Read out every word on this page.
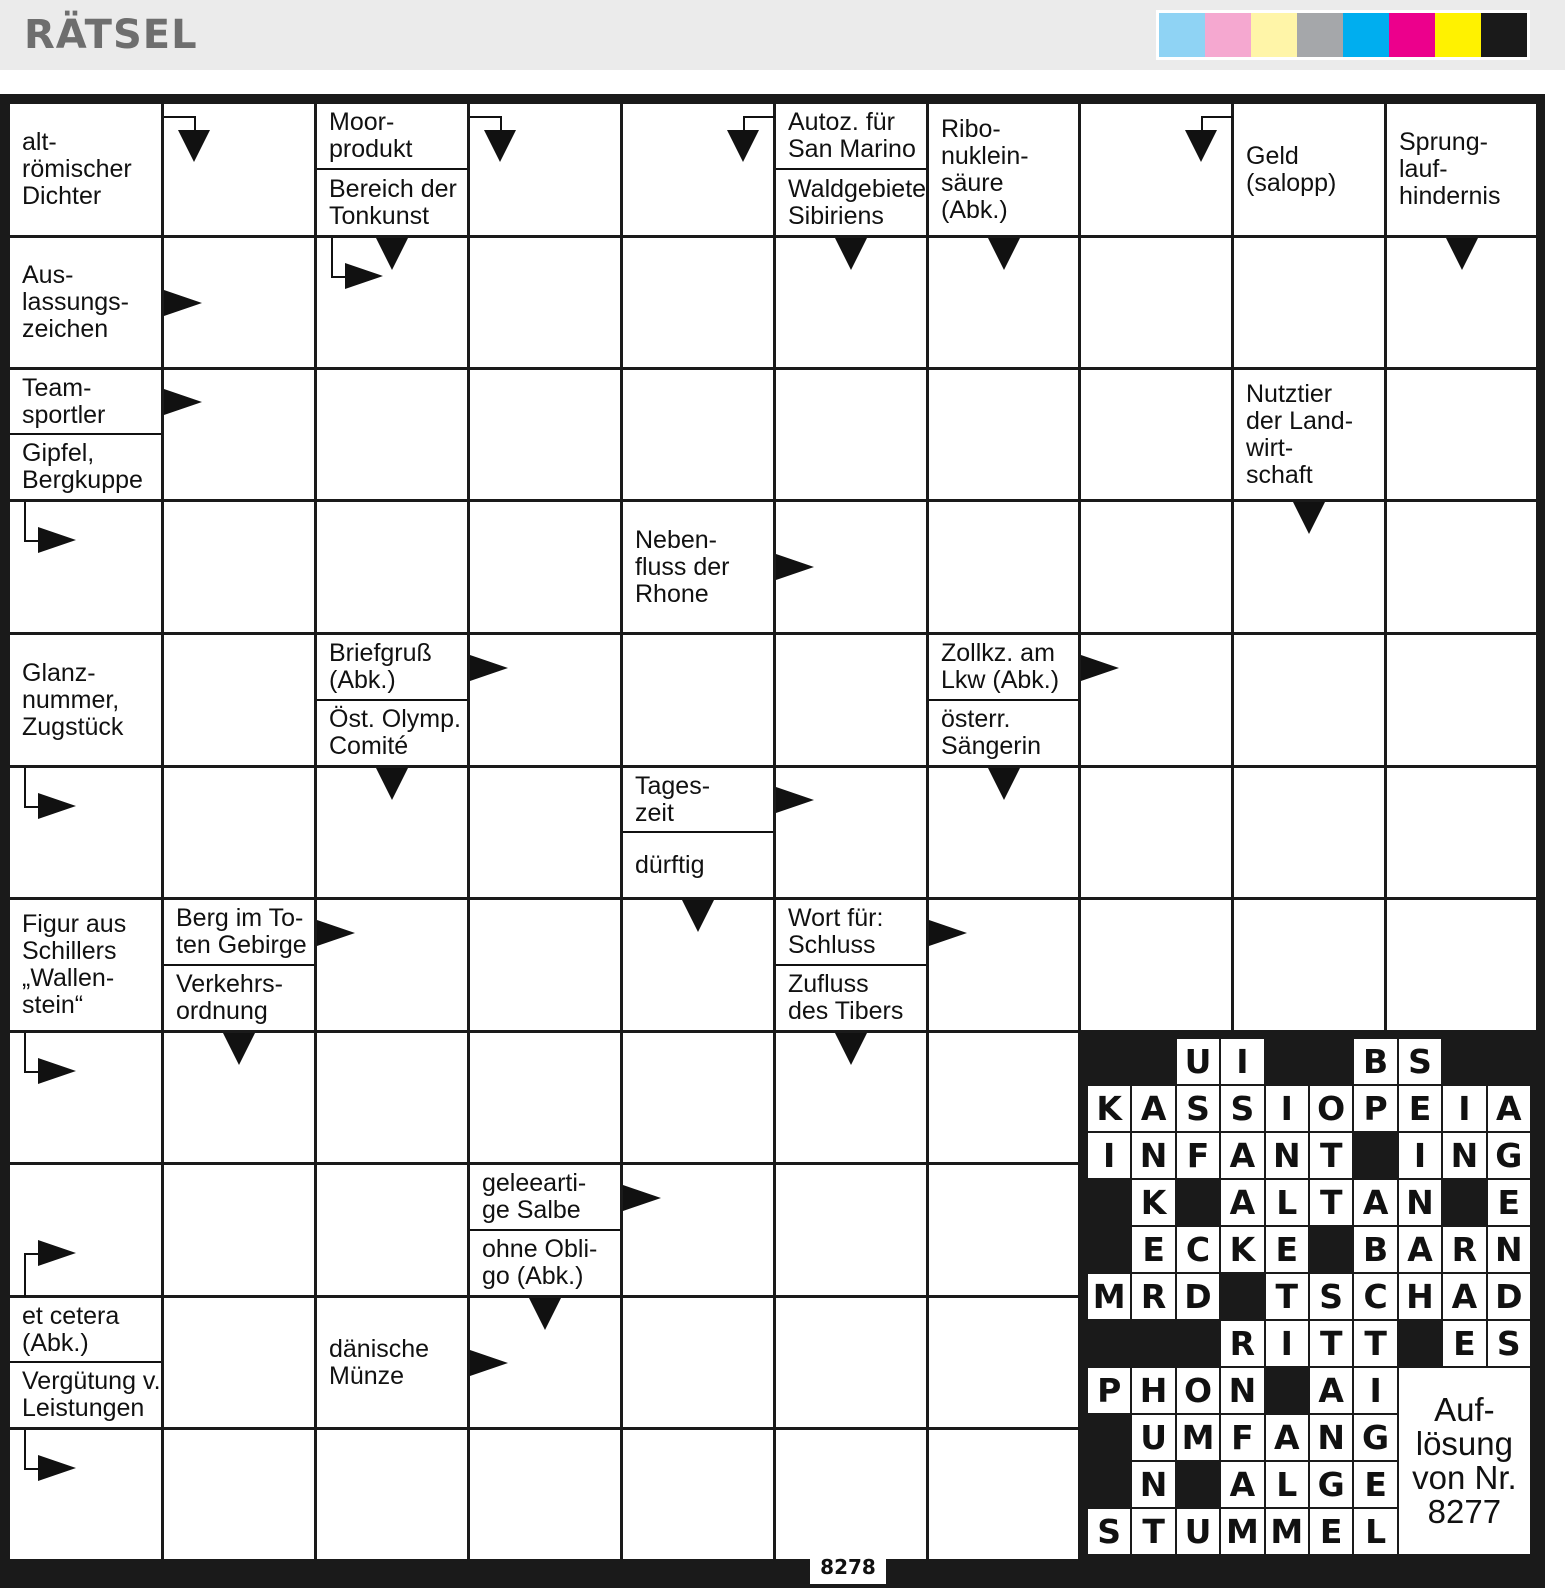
RÄTSEL
alt-
römischer
Dichter
Moor-
produkt
Bereich der
Tonkunst
Autoz. für
San Marino
Waldgebiete
Sibiriens
Ribo-
nuklein-
säure
(Abk.)
Geld
(salopp)
Sprung-
lauf-
hindernis
Aus-
lassungs-
zeichen
Team-
sportler
Gipfel,
Bergkuppe
Nutztier
der Land-
wirt-
schaft
Neben-
fluss der
Rhone
Glanz-
nummer,
Zugstück
Briefgruß
(Abk.)
Öst. Olymp.
Comité
Zollkz. am
Lkw (Abk.)
österr.
Sängerin
Tages-
zeit
dürftig
Figur aus
Schillers
„Wallen-
stein“
Berg im To-
ten Gebirge
Verkehrs-
ordnung
Wort für:
Schluss
Zufluss
des Tibers
geleearti-
ge Salbe
ohne Obli-
go (Abk.)
et cetera
(Abk.)
Vergütung v.
Leistungen
dänische
Münze
U I	B S
K A S S I O P E I A
I N F A N T	I N G
K A L T A N	E
E C K E	B A R N
M R D	T S C H A D
R I T T	E S
P H O N A I
U M F A N G
N A L G E
S T U M M E L
Auf-
lösung
von Nr.
8277
8278
